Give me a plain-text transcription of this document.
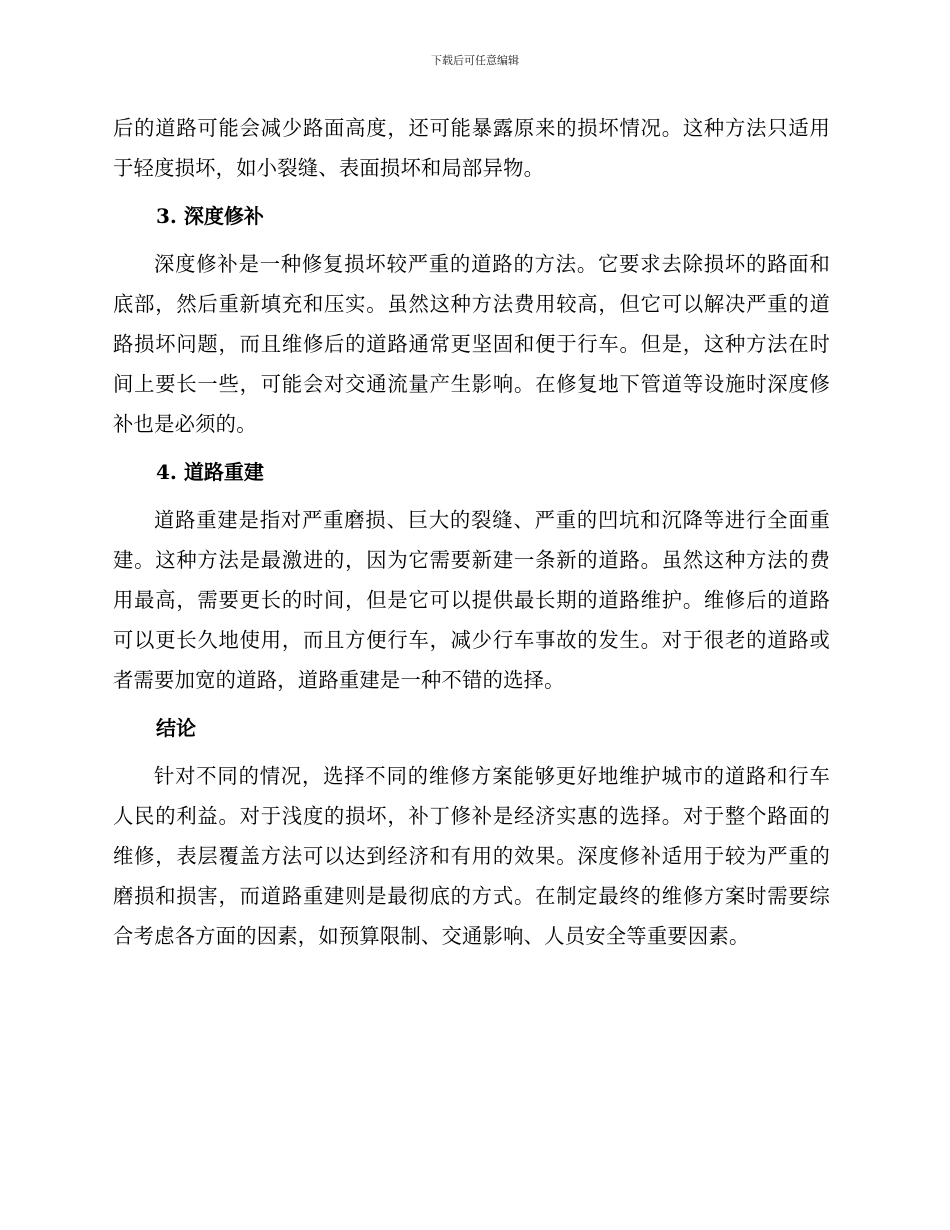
下载后可任意编辑

后的道路可能会减少路面高度，还可能暴露原来的损坏情况。这种方法只适用于轻度损坏，如小裂缝、表面损坏和局部异物。

3. 深度修补

深度修补是一种修复损坏较严重的道路的方法。它要求去除损坏的路面和底部，然后重新填充和压实。虽然这种方法费用较高，但它可以解决严重的道路损坏问题，而且维修后的道路通常更坚固和便于行车。但是，这种方法在时间上要长一些，可能会对交通流量产生影响。在修复地下管道等设施时深度修补也是必须的。

4. 道路重建

道路重建是指对严重磨损、巨大的裂缝、严重的凹坑和沉降等进行全面重建。这种方法是最激进的，因为它需要新建一条新的道路。虽然这种方法的费用最高，需要更长的时间，但是它可以提供最长期的道路维护。维修后的道路可以更长久地使用，而且方便行车，减少行车事故的发生。对于很老的道路或者需要加宽的道路，道路重建是一种不错的选择。

结论

针对不同的情况，选择不同的维修方案能够更好地维护城市的道路和行车人民的利益。对于浅度的损坏，补丁修补是经济实惠的选择。对于整个路面的维修，表层覆盖方法可以达到经济和有用的效果。深度修补适用于较为严重的磨损和损害，而道路重建则是最彻底的方式。在制定最终的维修方案时需要综合考虑各方面的因素，如预算限制、交通影响、人员安全等重要因素。
